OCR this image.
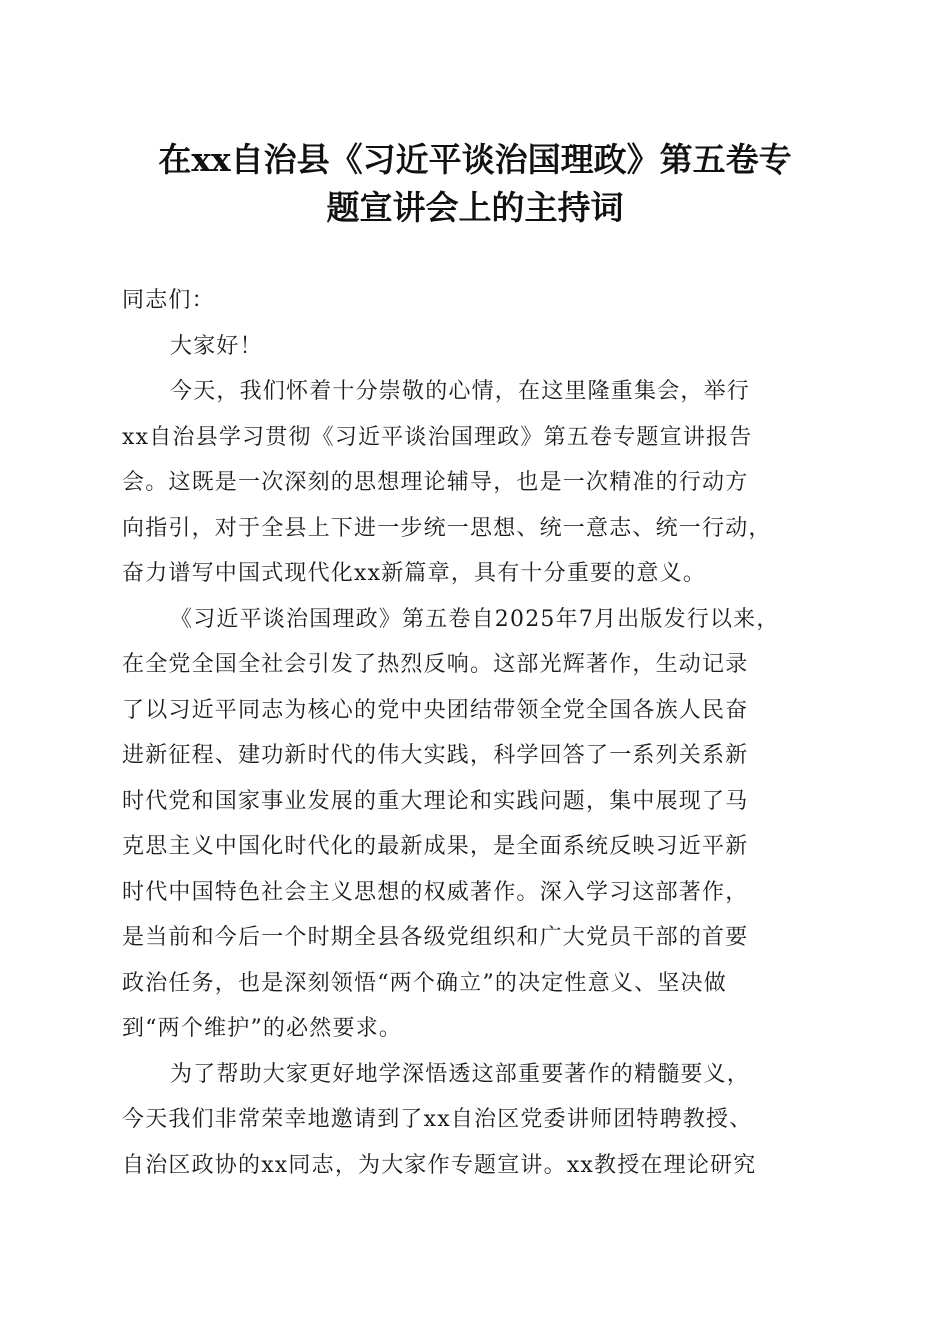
在xx自治县《习近平谈治国理政》第五卷专
题宣讲会上的主持词

同志们：

大家好！

今天，我们怀着十分崇敬的心情，在这里隆重集会，举行

xx自治县学习贯彻《习近平谈治国理政》第五卷专题宣讲报告

会。这既是一次深刻的思想理论辅导，也是一次精准的行动方

向指引，对于全县上下进一步统一思想、统一意志、统一行动，

奋力谱写中国式现代化xx新篇章，具有十分重要的意义。

《习近平谈治国理政》第五卷自2025年7月出版发行以来，

在全党全国全社会引发了热烈反响。这部光辉著作，生动记录

了以习近平同志为核心的党中央团结带领全党全国各族人民奋

进新征程、建功新时代的伟大实践，科学回答了一系列关系新

时代党和国家事业发展的重大理论和实践问题，集中展现了马

克思主义中国化时代化的最新成果，是全面系统反映习近平新

时代中国特色社会主义思想的权威著作。深入学习这部著作，

是当前和今后一个时期全县各级党组织和广大党员干部的首要

政治任务，也是深刻领悟“两个确立”的决定性意义、坚决做

到“两个维护”的必然要求。

为了帮助大家更好地学深悟透这部重要著作的精髓要义，

今天我们非常荣幸地邀请到了xx自治区党委讲师团特聘教授、

自治区政协的xx同志，为大家作专题宣讲。xx教授在理论研究
